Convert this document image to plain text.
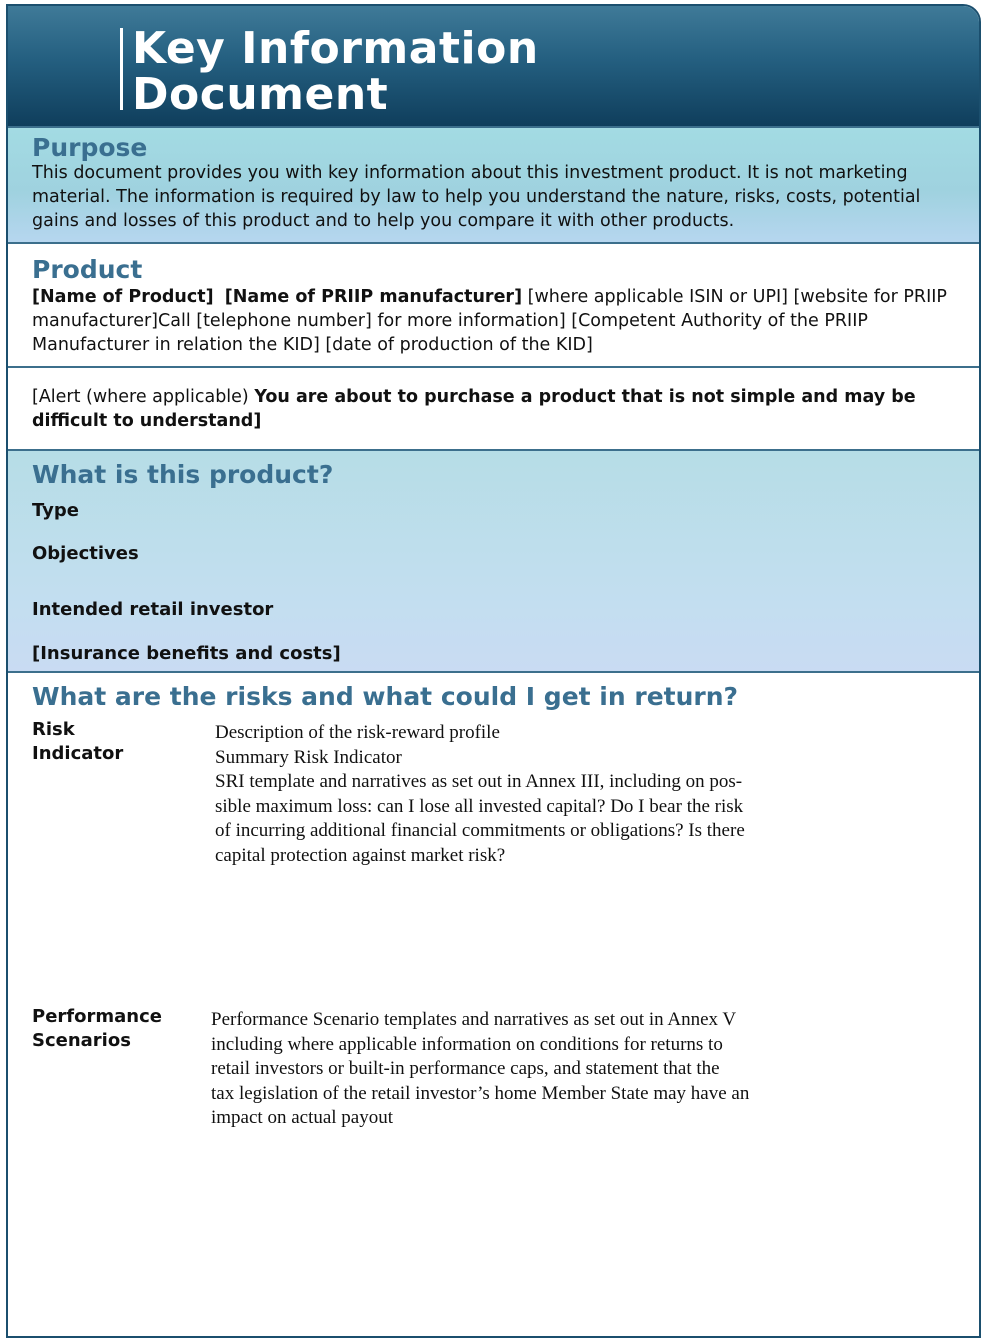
Key Information
Document
Purpose
This document provides you with key information about this investment product. It is not marketing material. The information is required by law to help you understand the nature, risks, costs, potential gains and losses of this product and to help you compare it with other products.
Product
[Name of Product] [Name of PRIIP manufacturer] [where applicable ISIN or UPI] [website for PRIIP manufacturer]Call [telephone number] for more information] [Competent Authority of the PRIIP Manufacturer in relation the KID] [date of production of the KID]
[Alert (where applicable) You are about to purchase a product that is not simple and may be difficult to understand]
What is this product?
Type
Objectives
Intended retail investor
[Insurance benefits and costs]
What are the risks and what could I get in return?
Risk
Indicator
Description of the risk-reward profile
Summary Risk Indicator
SRI template and narratives as set out in Annex III, including on pos-
sible maximum loss: can I lose all invested capital? Do I bear the risk
of incurring additional financial commitments or obligations? Is there
capital protection against market risk?
Performance
Scenarios
Performance Scenario templates and narratives as set out in Annex V
including where applicable information on conditions for returns to
retail investors or built-in performance caps, and statement that the
tax legislation of the retail investor’s home Member State may have an
impact on actual payout
